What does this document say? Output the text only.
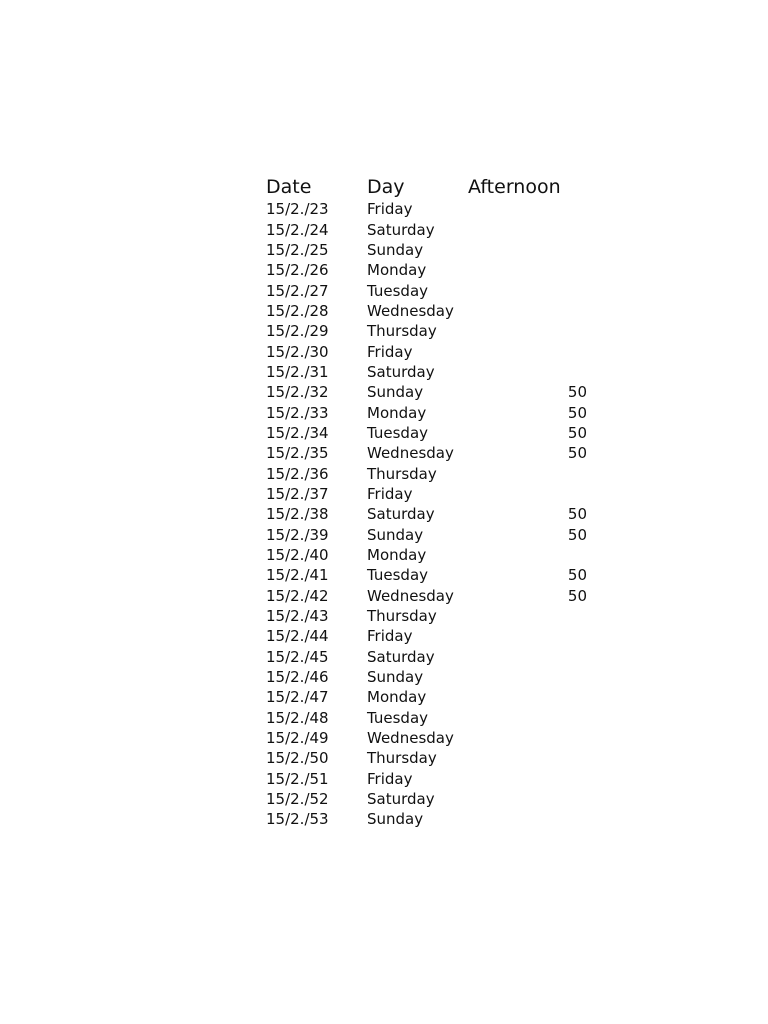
Date	Day	Afternoon
15/2./23	Friday
15/2./24	Saturday
15/2./25	Sunday
15/2./26	Monday
15/2./27	Tuesday
15/2./28	Wednesday
15/2./29	Thursday
15/2./30	Friday
15/2./31	Saturday
15/2./32	Sunday	50
15/2./33	Monday	50
15/2./34	Tuesday	50
15/2./35	Wednesday	50
15/2./36	Thursday
15/2./37	Friday
15/2./38	Saturday	50
15/2./39	Sunday	50
15/2./40	Monday
15/2./41	Tuesday	50
15/2./42	Wednesday	50
15/2./43	Thursday
15/2./44	Friday
15/2./45	Saturday
15/2./46	Sunday
15/2./47	Monday
15/2./48	Tuesday
15/2./49	Wednesday
15/2./50	Thursday
15/2./51	Friday
15/2./52	Saturday
15/2./53	Sunday
